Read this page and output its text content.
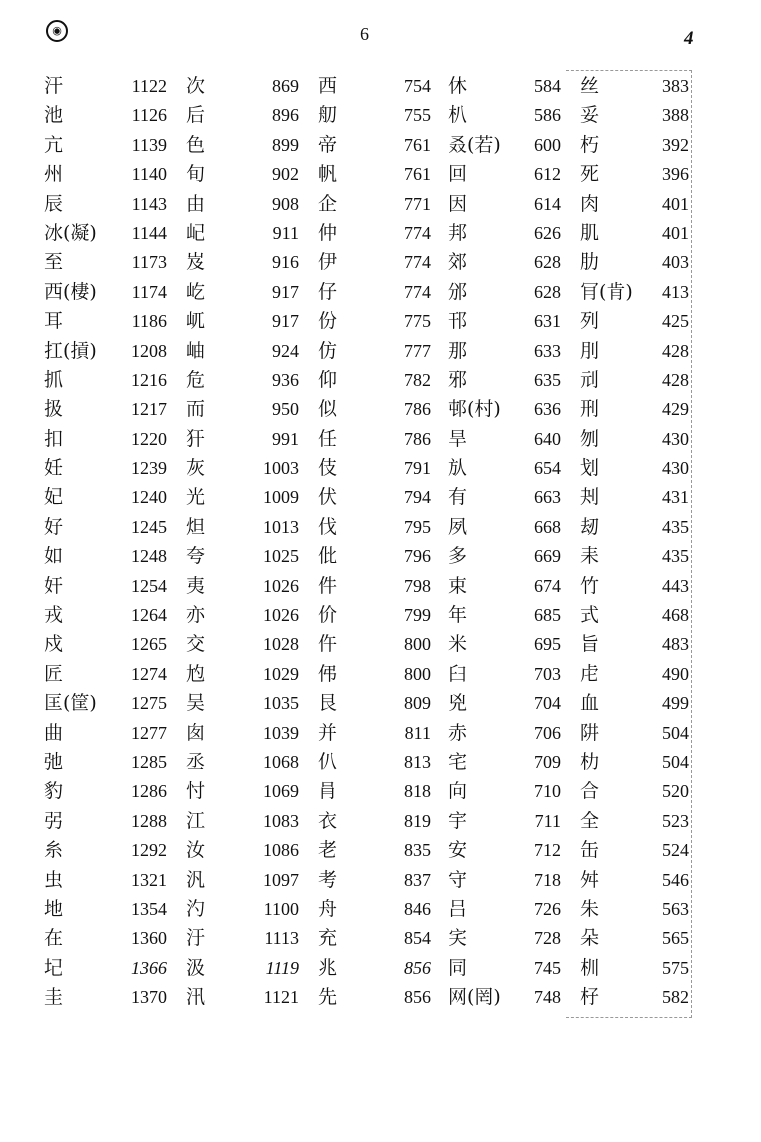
◉	6	4
汗	1122 次	869 西	754 休	584 丝	383
池	1126 后	896 舠	755 朳	586 妥	388
亢	1139 色	899 帝	761 叒(若) 600 朽	392
州	1140 旬	902 帆	761 回	612 死	396
辰	1143 由	908 企	771 因	614 肉	401
冰(凝) 1144 屺	911 仲	774 邦	626 肌	401
至	1173 岌	916 伊	774 郊	628 肋	403
西(棲) 1174 屹	917 仔	774 邠	628 肎(肯) 413
耳	1186 屼	917 份	775 邗	631 列	425
扛(摃) 1208 岫	924 仿	777 那	633 刖	428
抓	1216 危	936 仰	782 邪	635 刓	428
扱	1217 而	950 似	786 邨(村) 636 刑	429
扣	1220 犴	991 任	786 旱	640 刎	430
妊	1239 灰	1003 伎	791 㫃	654 划	430
妃	1240 光	1009 伏	794 有	663 刔	431
好	1245 炟	1013 伐	795 夙	668 刼	435
如	1248 夸	1025 仳	796 多	669 耒	435
奸	1254 夷	1026 件	798 束	674 竹	443
戎	1264 亦	1026 价	799 年	685 式	468
戍	1265 交	1028 仵	800 米	695 旨	483
匠	1274 尥	1029 伄	800 臼	703 虍	490
匡(筐) 1275 吴	1035 艮	809 兇	704 血	499
曲	1277 囱	1039 并	811 赤	706 阱	504
弛	1285 丞	1068 仈	813 宅	709 朸	504
豹	1286 忖	1069 肙	818 向	710 合	520
弜	1288 江	1083 衣	819 宇	711 全	523
糸	1292 汝	1086 老	835 安	712 缶	524
虫	1321 汎	1097 考	837 守	718 舛	546
地	1354 汋	1100 舟	846 吕	726 朱	563
在	1360 汙	1113 充	854 宎	728 朵	565
圮	1366 汲	1119 兆	856 同	745 杊	575
圭	1370 汛	1121 先	856 网(罔) 748 杍	582
